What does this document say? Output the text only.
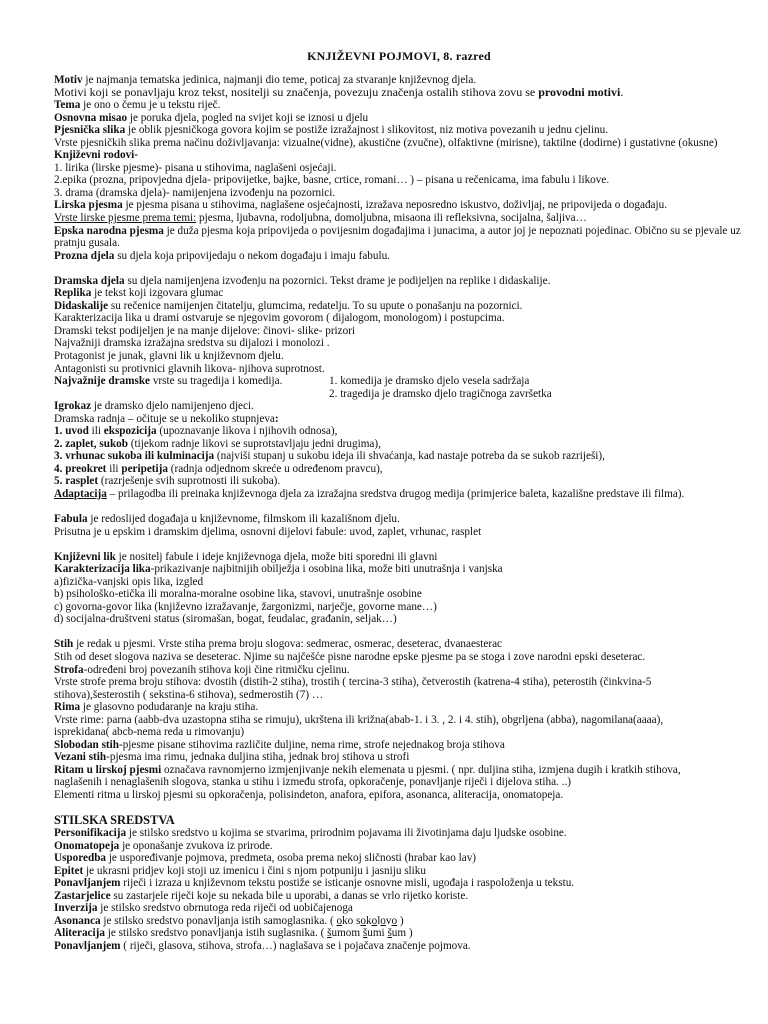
KNJIŽEVNI POJMOVI, 8. razred
Motiv je najmanja tematska jedinica, najmanji dio teme, poticaj za stvaranje književnog djela.
Motivi koji se ponavljaju kroz tekst, nositelji su značenja, povezuju značenja ostalih stihova zovu se provodni motivi.
Tema je ono o čemu je u tekstu riječ.
Osnovna misao je poruka djela, pogled na svijet koji se iznosi u djelu
Pjesnička slika je oblik pjesničkoga govora kojim se postiže izražajnost i slikovitost, niz motiva povezanih u jednu cjelinu.
Vrste pjesničkih slika prema načinu doživljavanja: vizualne(vidne), akustične (zvučne), olfaktivne (mirisne), taktilne (dodirne) i gustativne (okusne)
Književni rodovi-
1. lirika (lirske pjesme)- pisana u stihovima, naglašeni osjećaji.
2.epika (prozna, pripovjedna djela- pripovijetke, bajke, basne, crtice, romani… ) – pisana u rečenicama, ima fabulu i likove.
3. drama (dramska djela)- namijenjena izvođenju na pozornici.
Lirska pjesma je pjesma pisana u stihovima, naglašene osjećajnosti, izražava neposredno iskustvo, doživljaj, ne pripovijeda o događaju.
Vrste lirske pjesme prema temi: pjesma, ljubavna, rodoljubna, domoljubna, misaona ili refleksivna, socijalna, šaljiva…
Epska narodna pjesma je duža pjesma koja pripovijeda o povijesnim događajima i junacima, a autor joj je nepoznati pojedinac. Obično su se pjevale uz pratnju gusala.
Prozna djela su djela koja pripovijedaju o nekom događaju i imaju fabulu.
Dramska djela su djela namijenjena izvođenju na pozornici. Tekst drame je podijeljen na replike i didaskalije.
Replika je tekst koji izgovara glumac
Didaskalije su rečenice namijenjen čitatelju, glumcima, redatelju. To su upute o ponašanju na pozornici.
Karakterizacija lika u drami ostvaruje se njegovim govorom ( dijalogom, monologom) i postupcima.
Dramski tekst podijeljen je na manje dijelove: činovi- slike- prizori
Najvažniji dramska izražajna sredstva su dijalozi i monolozi .
Protagonist je junak, glavni lik u književnom djelu.
Antagonisti su protivnici glavnih likova- njihova suprotnost.
Najvažnije dramske vrste su tragedija i komedija.	1. komedija je dramsko djelo vesela sadržaja
2. tragedija je dramsko djelo tragičnoga završetka
Igrokaz je dramsko djelo namijenjeno djeci.
Dramska radnja – očituje se u nekoliko stupnjeva:
1. uvod ili ekspozicija (upoznavanje likova i njihovih odnosa),
2. zaplet, sukob (tijekom radnje likovi se suprotstavljaju jedni drugima),
3. vrhunac sukoba ili kulminacija (najviši stupanj u sukobu ideja ili shvaćanja, kad nastaje potreba da se sukob razriješi),
4. preokret ili peripetija (radnja odjednom skreće u određenom pravcu),
5. rasplet (razrješenje svih suprotnosti ili sukoba).
Adaptacija – prilagodba ili preinaka književnoga djela za izražajna sredstva drugog medija (primjerice baleta, kazališne predstave ili filma).
Fabula je redoslijed događaja u književnome, filmskom ili kazališnom djelu.
Prisutna je u epskim i dramskim djelima, osnovni dijelovi fabule: uvod, zaplet, vrhunac, rasplet
Književni lik je nositelj fabule i ideje književnoga djela, može biti sporedni ili glavni
Karakterizacija lika-prikazivanje najbitnijih obilježja i osobina lika, može biti unutrašnja i vanjska
a)fizička-vanjski opis lika, izgled
b) psihološko-etička ili moralna-moralne osobine lika, stavovi, unutrašnje osobine
c) govorna-govor lika (književno izražavanje, žargonizmi, narječje, govorne mane…)
d) socijalna-društveni status (siromašan, bogat, feudalac, građanin, seljak…)
Stih je redak u pjesmi. Vrste stiha prema broju slogova: sedmerac, osmerac, deseterac, dvanaesterac
Stih od deset slogova naziva se deseterac. Njime su najčešće pisne narodne epske pjesme pa se stoga i zove narodni epski deseterac.
Strofa-određeni broj povezanih stihova koji čine ritmičku cjelinu.
Vrste strofe prema broju stihova: dvostih (distih-2 stiha), trostih ( tercina-3 stiha), četverostih (katrena-4 stiha), peterostih (činkvina-5
stihova),šesterostih ( sekstina-6 stihova), sedmerostih (7) …
Rima je glasovno podudaranje na kraju stiha.
Vrste rime: parna (aabb-dva uzastopna stiha se rimuju), ukrštena ili križna(abab-1. i 3. , 2. i 4. stih), obgrljena (abba), nagomilana(aaaa),
isprekidana( abcb-nema reda u rimovanju)
Slobodan stih-pjesme pisane stihovima različite duljine, nema rime, strofe nejednakog broja stihova
Vezani stih-pjesma ima rimu, jednaka duljina stiha, jednak broj stihova u strofi
Ritam u lirskoj pjesmi označava ravnomjerno izmjenjivanje nekih elemenata u pjesmi. ( npr. duljina stiha, izmjena dugih i kratkih stihova,
naglašenih i nenaglašenih slogova, stanka u stihu i između strofa, opkoračenje, ponavljanje riječi i dijelova stiha. ..)
Elementi ritma u lirskoj pjesmi su opkoračenja, polisindeton, anafora, epifora, asonanca, aliteracija, onomatopeja.
STILSKA SREDSTVA
Personifikacija je stilsko sredstvo u kojima se stvarima, prirodnim pojavama ili životinjama daju ljudske osobine.
Onomatopeja je oponašanje zvukova iz prirode.
Usporedba je uspoređivanje pojmova, predmeta, osoba prema nekoj sličnosti (hrabar kao lav)
Epitet je ukrasni pridjev koji stoji uz imenicu i čini s njom potpuniju i jasniju sliku
Ponavljanjem riječi i izraza u književnom tekstu postiže se isticanje osnovne misli, ugođaja i raspoloženja u tekstu.
Zastarjelice su zastarjele riječi koje su nekada bile u uporabi, a danas se vrlo rijetko koriste.
Inverzija je stilsko sredstvo obrnutoga reda riječi od uobičajenoga
Asonanca je stilsko sredstvo ponavljanja istih samoglasnika. ( oko sokolovo )
Aliteracija je stilsko sredstvo ponavljanja istih suglasnika. ( šumom šumi šum )
Ponavljanjem ( riječi, glasova, stihova, strofa…) naglašava se i pojačava značenje pojmova.
